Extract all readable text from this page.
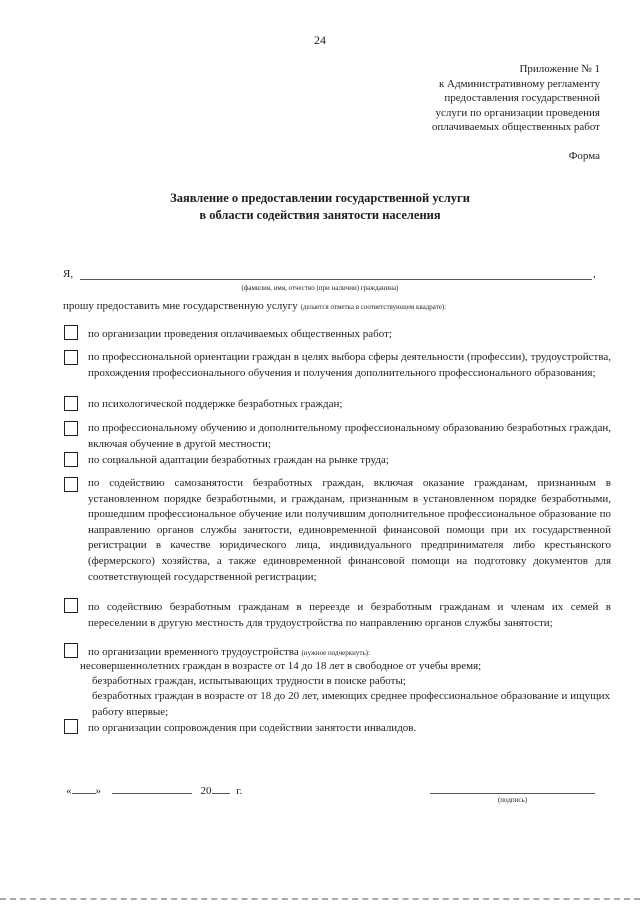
24
Приложение № 1
к Административному регламенту
предоставления государственной
услуги по организации проведения
оплачиваемых общественных работ
Форма
Заявление о предоставлении государственной услуги
в области содействия занятости населения
Я,	,
(фамилия, имя, отчество (при наличии) гражданина)
прошу предоставить мне государственную услугу (делается отметка в соответствующем квадрате):
по организации проведения оплачиваемых общественных работ;
по профессиональной ориентации граждан в целях выбора сферы деятельности (профессии), трудоустройства, прохождения профессионального обучения и получения дополнительного профессионального образования;
по психологической поддержке безработных граждан;
по профессиональному обучению и дополнительному профессиональному образованию безработных граждан, включая обучение в другой местности;
по социальной адаптации безработных граждан на рынке труда;
по содействию самозанятости безработных граждан, включая оказание гражданам, признанным в установленном порядке безработными, и гражданам, признанным в установленном порядке безработными, прошедшим профессиональное обучение или получившим дополнительное профессиональное образование по направлению органов службы занятости, единовременной финансовой помощи при их государственной регистрации в качестве юридического лица, индивидуального предпринимателя либо крестьянского (фермерского) хозяйства, а также единовременной финансовой помощи на подготовку документов для соответствующей государственной регистрации;
по содействию безработным гражданам в переезде и безработным гражданам и членам их семей в переселении в другую местность для трудоустройства по направлению органов службы занятости;
по организации временного трудоустройства (нужное подчеркнуть):
несовершеннолетних граждан в возрасте от 14 до 18 лет в свободное от учебы время;
безработных граждан, испытывающих трудности в поиске работы;
безработных граждан в возрасте от 18 до 20 лет, имеющих среднее профессиональное образование и ищущих работу впервые;
по организации сопровождения при содействии занятости инвалидов.
« »	20 г.
(подпись)
